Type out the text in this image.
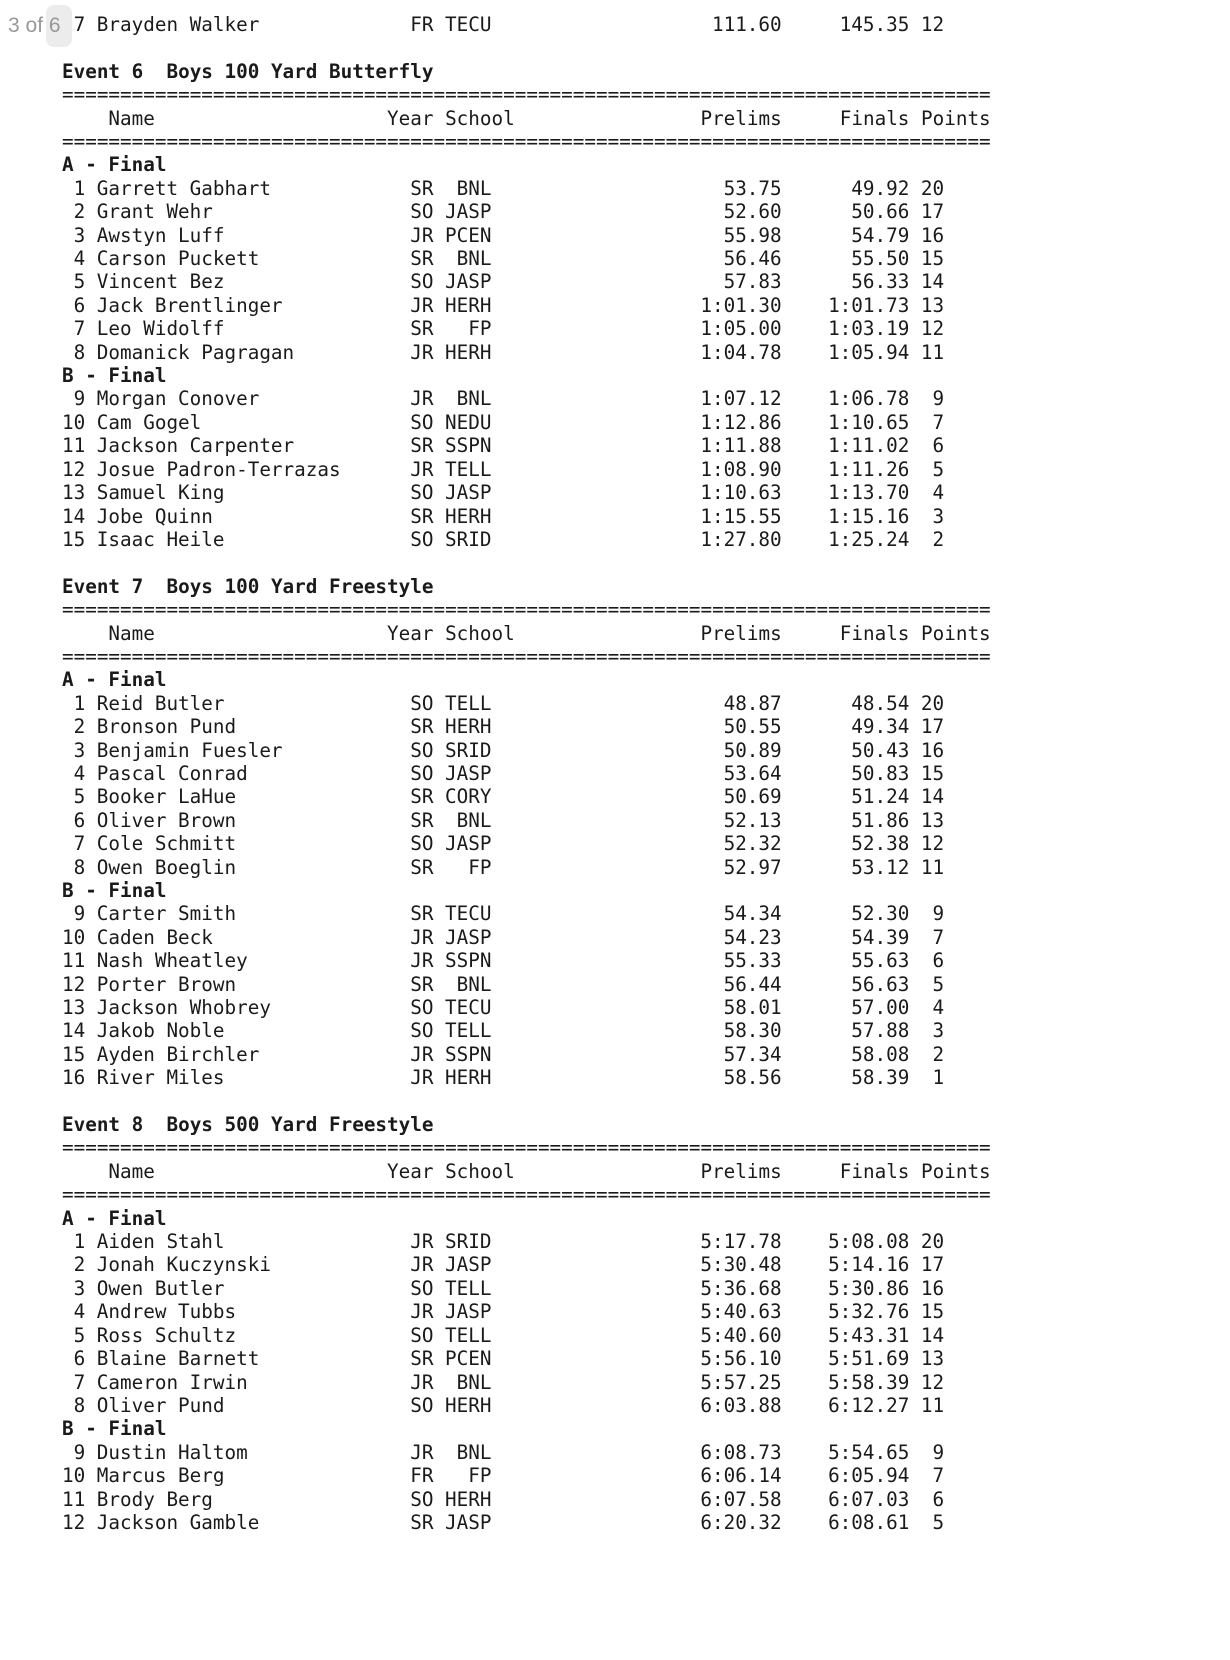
3 of 6 7 Brayden Walker	FR TECU	111.60	145.35 12
Event 6  Boys 100 Yard Butterfly
================================================================================
Name                    Year School                Prelims     Finals Points
================================================================================
A - Final
1 Garrett Gabhart	SR	BNL	53.75	49.92 20
2 Grant Wehr	SO JASP	52.60	50.66 17
3 Awstyn Luff	JR PCEN	55.98	54.79 16
4 Carson Puckett	SR	BNL	56.46	55.50 15
5 Vincent Bez	SO JASP	57.83	56.33 14
6 Jack Brentlinger	JR HERH	1:01.30	1:01.73 13
7 Leo Widolff	SR	FP	1:05.00	1:03.19 12
8 Domanick Pagragan	JR HERH	1:04.78	1:05.94 11
B - Final
9 Morgan Conover	JR	BNL	1:07.12	1:06.78	9
10 Cam Gogel	SO NEDU	1:12.86	1:10.65	7
11 Jackson Carpenter	SR SSPN	1:11.88	1:11.02	6
12 Josue Padron-Terrazas	JR TELL	1:08.90	1:11.26	5
13 Samuel King	SO JASP	1:10.63	1:13.70	4
14 Jobe Quinn	SR HERH	1:15.55	1:15.16	3
15 Isaac Heile	SO SRID	1:27.80	1:25.24	2
Event 7  Boys 100 Yard Freestyle
================================================================================
Name                    Year School                Prelims     Finals Points
================================================================================
A - Final
1 Reid Butler	SO TELL	48.87	48.54 20
2 Bronson Pund	SR HERH	50.55	49.34 17
3 Benjamin Fuesler	SO SRID	50.89	50.43 16
4 Pascal Conrad	SO JASP	53.64	50.83 15
5 Booker LaHue	SR CORY	50.69	51.24 14
6 Oliver Brown	SR	BNL	52.13	51.86 13
7 Cole Schmitt	SO JASP	52.32	52.38 12
8 Owen Boeglin	SR	FP	52.97	53.12 11
B - Final
9 Carter Smith	SR TECU	54.34	52.30	9
10 Caden Beck	JR JASP	54.23	54.39	7
11 Nash Wheatley	JR SSPN	55.33	55.63	6
12 Porter Brown	SR	BNL	56.44	56.63	5
13 Jackson Whobrey	SO TECU	58.01	57.00	4
14 Jakob Noble	SO TELL	58.30	57.88	3
15 Ayden Birchler	JR SSPN	57.34	58.08	2
16 River Miles	JR HERH	58.56	58.39	1
Event 8  Boys 500 Yard Freestyle
================================================================================
Name                    Year School                Prelims     Finals Points
================================================================================
A - Final
1 Aiden Stahl	JR SRID	5:17.78	5:08.08 20
2 Jonah Kuczynski	JR JASP	5:30.48	5:14.16 17
3 Owen Butler	SO TELL	5:36.68	5:30.86 16
4 Andrew Tubbs	JR JASP	5:40.63	5:32.76 15
5 Ross Schultz	SO TELL	5:40.60	5:43.31 14
6 Blaine Barnett	SR PCEN	5:56.10	5:51.69 13
7 Cameron Irwin	JR	BNL	5:57.25	5:58.39 12
8 Oliver Pund	SO HERH	6:03.88	6:12.27 11
B - Final
9 Dustin Haltom	JR	BNL	6:08.73	5:54.65	9
10 Marcus Berg	FR	FP	6:06.14	6:05.94	7
11 Brody Berg	SO HERH	6:07.58	6:07.03	6
12 Jackson Gamble	SR JASP	6:20.32	6:08.61	5
